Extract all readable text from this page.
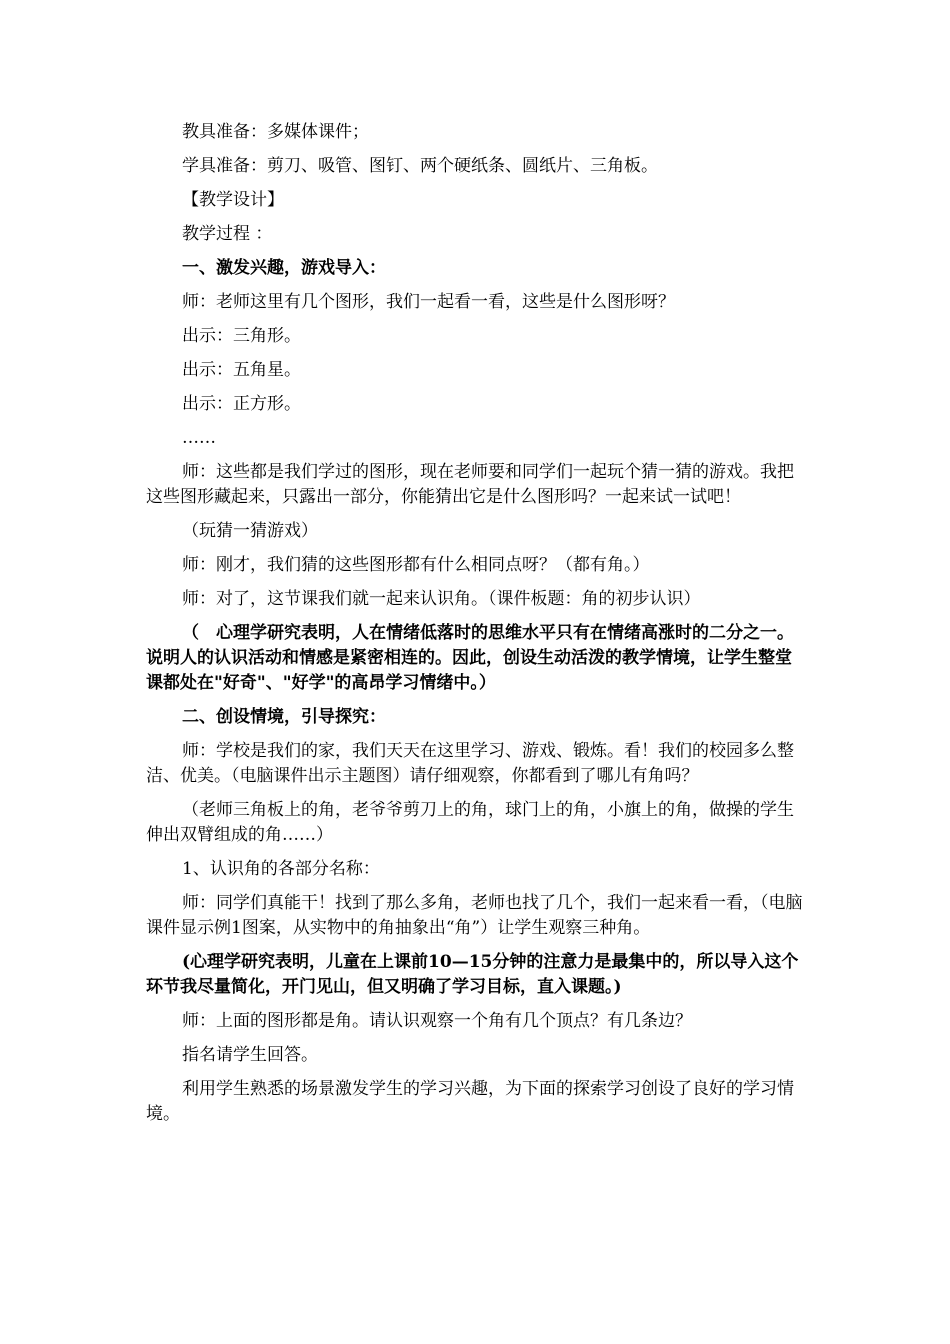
教具准备：多媒体课件；

学具准备：剪刀、吸管、图钉、两个硬纸条、圆纸片、三角板。

【教学设计】

教学过程 ：

一、激发兴趣，游戏导入：

师：老师这里有几个图形，我们一起看一看，这些是什么图形呀？

出示：三角形。

出示：五角星。

出示：正方形。

……

师：这些都是我们学过的图形，现在老师要和同学们一起玩个猜一猜的游戏。我把这些图形藏起来，只露出一部分，你能猜出它是什么图形吗？一起来试一试吧！

（玩猜一猜游戏）

师：刚才，我们猜的这些图形都有什么相同点呀？（都有角。）

师：对了，这节课我们就一起来认识角。（课件板题：角的初步认识）

（　心理学研究表明，人在情绪低落时的思维水平只有在情绪高涨时的二分之一。说明人的认识活动和情感是紧密相连的。因此，创设生动活泼的教学情境，让学生整堂课都处在"好奇"、"好学"的高昂学习情绪中。）

二、创设情境，引导探究：

师：学校是我们的家，我们天天在这里学习、游戏、锻炼。看！我们的校园多么整洁、优美。（电脑课件出示主题图）请仔细观察，你都看到了哪儿有角吗？

（老师三角板上的角，老爷爷剪刀上的角，球门上的角，小旗上的角，做操的学生伸出双臂组成的角……）

1、认识角的各部分名称：

师：同学们真能干！找到了那么多角，老师也找了几个，我们一起来看一看，（电脑课件显示例1图案，从实物中的角抽象出“角”）让学生观察三种角。

(心理学研究表明，儿童在上课前10—15分钟的注意力是最集中的，所以导入这个环节我尽量简化，开门见山，但又明确了学习目标，直入课题。)

师：上面的图形都是角。请认识观察一个角有几个顶点？有几条边？

指名请学生回答。

利用学生熟悉的场景激发学生的学习兴趣，为下面的探索学习创设了良好的学习情境。
